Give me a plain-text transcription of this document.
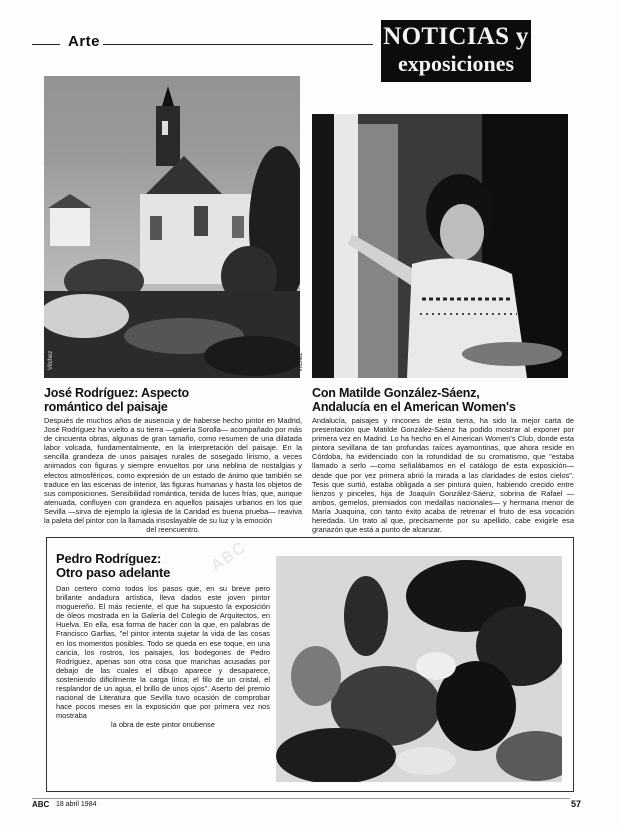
Arte	NOTICIAS y
exposiciones
ABC
Vilchez	Vilchez
José Rodríguez: Aspecto
romántico del paisaje
Después de muchos años de ausencia y de haberse hecho pintor en Madrid, José Rodríguez ha vuelto a su tierra —galería Sorolla— acompañado por más de cincuenta obras, algunas de gran tamaño, como resumen de una dilatada labor volcada, fundamentalmente, en la interpretación del paisaje. En la sencilla grandeza de unos paisajes rurales de sosegado lirismo, a veces animados con figuras y siempre envueltos por una neblina de nostalgias y efectos atmosféricos, como expresión de un estado de ánimo que también se traduce en las escenas de interior, las figuras humanas y hasta los objetos de sus composiciones. Sensibilidad romántica, tenida de luces frías, que, aunque atenuada, confluyen con grandeza en aquellos paisajes urbanos en los que Sevilla —sirva de ejemplo la iglesia de la Caridad es buena prueba— reaviva la paleta del pintor con la llamada insoslayable de su luz y la emoción
del reencuentro.
Con Matilde González-Sáenz,
Andalucía en el American Women's
Andalucía, paisajes y rincones de esta tierra, ha sido la mejor carta de presentación que Matilde González-Sáenz ha podido mostrar al exponer por primera vez en Madrid. Lo ha hecho en el American Women's Club, donde esta pintora sevillana de tan profundas raíces ayamontinas, que ahora reside en Córdoba, ha evidenciado con la rotundidad de su cromatismo, que "estaba llamado a serlo —como señalábamos en el catálogo de esta exposición— desde que por vez primera abrió la mirada a las claridades de estos cielos". Tesis que surtió, estaba obligada a ser pintura quien, habiendo crecido entre lienzos y pinceles, hija de Joaquín González-Sáenz, sobrina de Rafael —ambos, gemelos, premiados con medallas nacionales— y hermana menor de María Juaquina, con tanto éxito acaba de retrenar el fruto de esa vocación heredada. Un trato al que, precisamente por su apellido, cabe exigirle esa granazón que está a punto de alcanzar.
Pedro Rodríguez:
Otro paso adelante
Dan certero como todos los pasos que, en su breve pero brillante andadura artística, lleva dados este joven pintor moguereño. El más reciente, el que ha supuesto la exposición de óleos mostrada en la Galería del Colegio de Arquitectos, en Huelva. En ella, esa forma de hacer con la que, en palabras de Francisco Garfias, "el pintor intenta sujetar la vida de las cosas en los momentos posibles. Todo se queda en ese toque, en una caricia, los rostros, los paisajes, los bodegones de Pedro Rodríguez, apenas son otra cosa que manchas acusadas por debajo de las cuales el dibujo aparece y desaparece, sosteniendo dificilmente la carga lírica; el filo de un cristal, el resplandor de un agua, el brillo de unos ojos". Aserto del premio nacional de Literatura que Sevilla tuvo ocasión de comprobar hace pocos meses en la exposición que por primera vez nos mostraba
la obra de este pintor onubense
ABC 18 abril 1984	57
